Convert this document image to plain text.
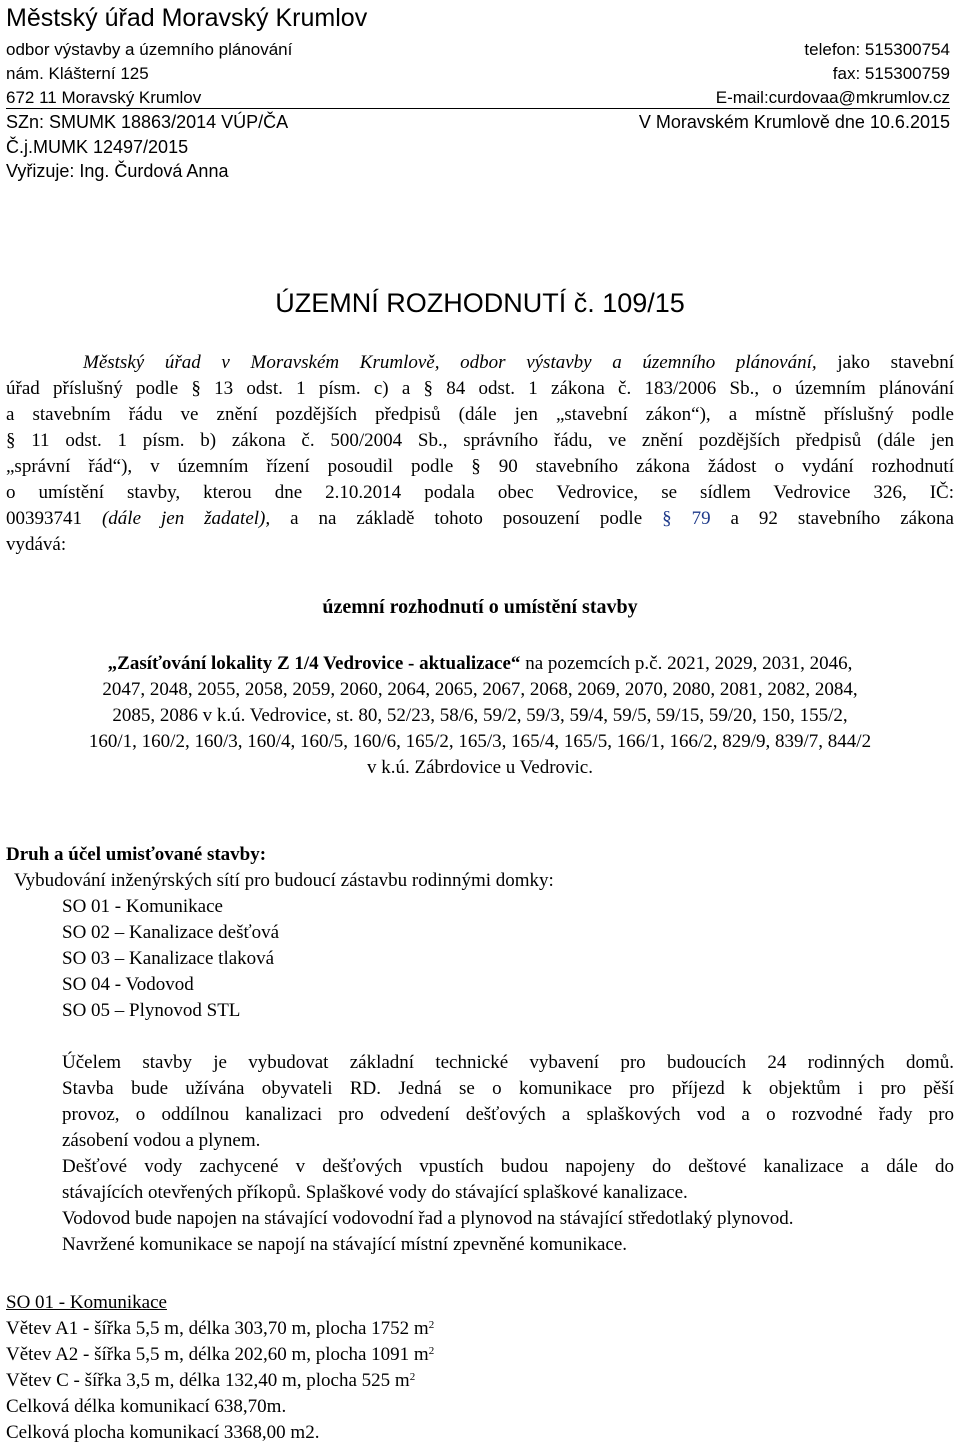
Městský úřad Moravský Krumlov
odbor výstavby a územního plánování	telefon: 515300754
nám. Klášterní 125	fax: 515300759
672 11 Moravský Krumlov	E-mail:curdovaa@mkrumlov.cz
SZn: SMUMK 18863/2014 VÚP/ČA	V Moravském Krumlově dne 10.6.2015
Č.j.MUMK 12497/2015
Vyřizuje: Ing. Čurdová Anna
ÚZEMNÍ ROZHODNUTÍ č. 109/15
Městský úřad v Moravském Krumlově, odbor výstavby a územního plánování, jako stavební
úřad příslušný podle § 13 odst. 1 písm. c) a § 84 odst. 1 zákona č. 183/2006 Sb., o územním plánování
a stavebním řádu ve znění pozdějších předpisů (dále jen „stavební zákon“), a místně příslušný podle
§ 11 odst. 1 písm. b) zákona č. 500/2004 Sb., správního řádu, ve znění pozdějších předpisů (dále jen
„správní řád“), v územním řízení posoudil podle § 90 stavebního zákona žádost o vydání rozhodnutí
o umístění stavby, kterou dne 2.10.2014 podala obec Vedrovice, se sídlem Vedrovice 326, IČ:
00393741 (dále jen žadatel), a na základě tohoto posouzení podle § 79 a 92 stavebního zákona
vydává:
územní rozhodnutí o umístění stavby
„Zasíťování lokality Z 1/4 Vedrovice - aktualizace“ na pozemcích p.č. 2021, 2029, 2031, 2046,
2047, 2048, 2055, 2058, 2059, 2060, 2064, 2065, 2067, 2068, 2069, 2070, 2080, 2081, 2082, 2084,
2085, 2086 v k.ú. Vedrovice, st. 80, 52/23, 58/6, 59/2, 59/3, 59/4, 59/5, 59/15, 59/20, 150, 155/2,
160/1, 160/2, 160/3, 160/4, 160/5, 160/6, 165/2, 165/3, 165/4, 165/5, 166/1, 166/2, 829/9, 839/7, 844/2
v k.ú. Zábrdovice u Vedrovic.
Druh a účel umisťované stavby:
Vybudování inženýrských sítí pro budoucí zástavbu rodinnými domky:
SO 01 - Komunikace
SO 02 – Kanalizace dešťová
SO 03 – Kanalizace tlaková
SO 04 - Vodovod
SO 05 – Plynovod STL
Účelem stavby je vybudovat základní technické vybavení pro budoucích 24 rodinných domů.
Stavba bude užívána obyvateli RD. Jedná se o komunikace pro příjezd k objektům i pro pěší
provoz, o oddílnou kanalizaci pro odvedení dešťových a splaškových vod a o rozvodné řady pro
zásobení vodou a plynem.
Dešťové vody zachycené v dešťových vpustích budou napojeny do deštové kanalizace a dále do
stávajících otevřených příkopů. Splaškové vody do stávající splaškové kanalizace.
Vodovod bude napojen na stávající vodovodní řad a plynovod na stávající středotlaký plynovod.
Navržené komunikace se napojí na stávající místní zpevněné komunikace.
SO 01 - Komunikace
Větev A1 - šířka 5,5 m, délka 303,70 m, plocha 1752 $m^2$
Větev A2 - šířka 5,5 m, délka 202,60 m, plocha 1091 $m^2$
Větev C - šířka 3,5 m, délka 132,40 m, plocha 525 $m^2$
Celková délka komunikací 638,70m.
Celková plocha komunikací 3368,00 m2.
